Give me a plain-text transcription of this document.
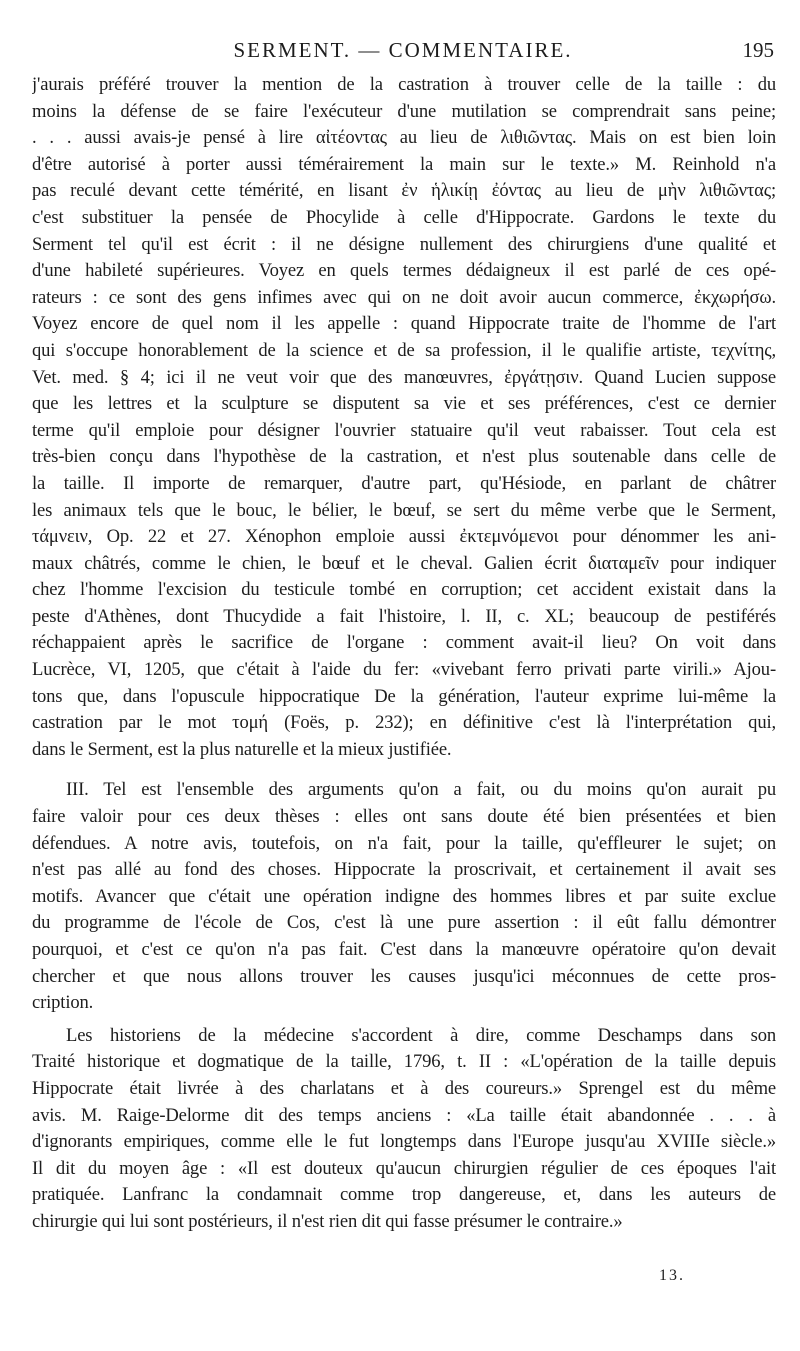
SERMENT. — COMMENTAIRE.	195
j'aurais préféré trouver la mention de la castration à trouver celle de la taille : du
moins la défense de se faire l'exécuteur d'une mutilation se comprendrait sans peine;
. . . aussi avais-je pensé à lire αἰτέοντας au lieu de λιθιῶντας. Mais on est bien loin
d'être autorisé à porter aussi témérairement la main sur le texte.» M. Reinhold n'a
pas reculé devant cette témérité, en lisant ἐν ἡλικίῃ ἐόντας au lieu de μὴν λιθιῶντας;
c'est substituer la pensée de Phocylide à celle d'Hippocrate. Gardons le texte du
Serment tel qu'il est écrit : il ne désigne nullement des chirurgiens d'une qualité et
d'une habileté supérieures. Voyez en quels termes dédaigneux il est parlé de ces opé-
rateurs : ce sont des gens infimes avec qui on ne doit avoir aucun commerce, ἐκχωρήσω.
Voyez encore de quel nom il les appelle : quand Hippocrate traite de l'homme de l'art
qui s'occupe honorablement de la science et de sa profession, il le qualifie artiste, τεχνίτης,
Vet. med. § 4; ici il ne veut voir que des manœuvres, ἐργάτῃσιν. Quand Lucien suppose
que les lettres et la sculpture se disputent sa vie et ses préférences, c'est ce dernier
terme qu'il emploie pour désigner l'ouvrier statuaire qu'il veut rabaisser. Tout cela est
très-bien conçu dans l'hypothèse de la castration, et n'est plus soutenable dans celle de
la taille. Il importe de remarquer, d'autre part, qu'Hésiode, en parlant de châtrer
les animaux tels que le bouc, le bélier, le bœuf, se sert du même verbe que le Serment,
τάμνειν, Op. 22 et 27. Xénophon emploie aussi ἐκτεμνόμενοι pour dénommer les ani-
maux châtrés, comme le chien, le bœuf et le cheval. Galien écrit διαταμεῖν pour indiquer
chez l'homme l'excision du testicule tombé en corruption; cet accident existait dans la
peste d'Athènes, dont Thucydide a fait l'histoire, l. II, c. XL; beaucoup de pestiférés
réchappaient après le sacrifice de l'organe : comment avait-il lieu? On voit dans
Lucrèce, VI, 1205, que c'était à l'aide du fer: «vivebant ferro privati parte virili.» Ajou-
tons que, dans l'opuscule hippocratique De la génération, l'auteur exprime lui-même la
castration par le mot τομή (Foës, p. 232); en définitive c'est là l'interprétation qui,
dans le Serment, est la plus naturelle et la mieux justifiée.
III. Tel est l'ensemble des arguments qu'on a fait, ou du moins qu'on aurait pu
faire valoir pour ces deux thèses : elles ont sans doute été bien présentées et bien
défendues. A notre avis, toutefois, on n'a fait, pour la taille, qu'effleurer le sujet; on
n'est pas allé au fond des choses. Hippocrate la proscrivait, et certainement il avait ses
motifs. Avancer que c'était une opération indigne des hommes libres et par suite exclue
du programme de l'école de Cos, c'est là une pure assertion : il eût fallu démontrer
pourquoi, et c'est ce qu'on n'a pas fait. C'est dans la manœuvre opératoire qu'on devait
chercher et que nous allons trouver les causes jusqu'ici méconnues de cette pros-
cription.
Les historiens de la médecine s'accordent à dire, comme Deschamps dans son
Traité historique et dogmatique de la taille, 1796, t. II : «L'opération de la taille depuis
Hippocrate était livrée à des charlatans et à des coureurs.» Sprengel est du même
avis. M. Raige-Delorme dit des temps anciens : «La taille était abandonnée . . . à
d'ignorants empiriques, comme elle le fut longtemps dans l'Europe jusqu'au XVIIIe siècle.»
Il dit du moyen âge : «Il est douteux qu'aucun chirurgien régulier de ces époques l'ait
pratiquée. Lanfranc la condamnait comme trop dangereuse, et, dans les auteurs de
chirurgie qui lui sont postérieurs, il n'est rien dit qui fasse présumer le contraire.»
13.
